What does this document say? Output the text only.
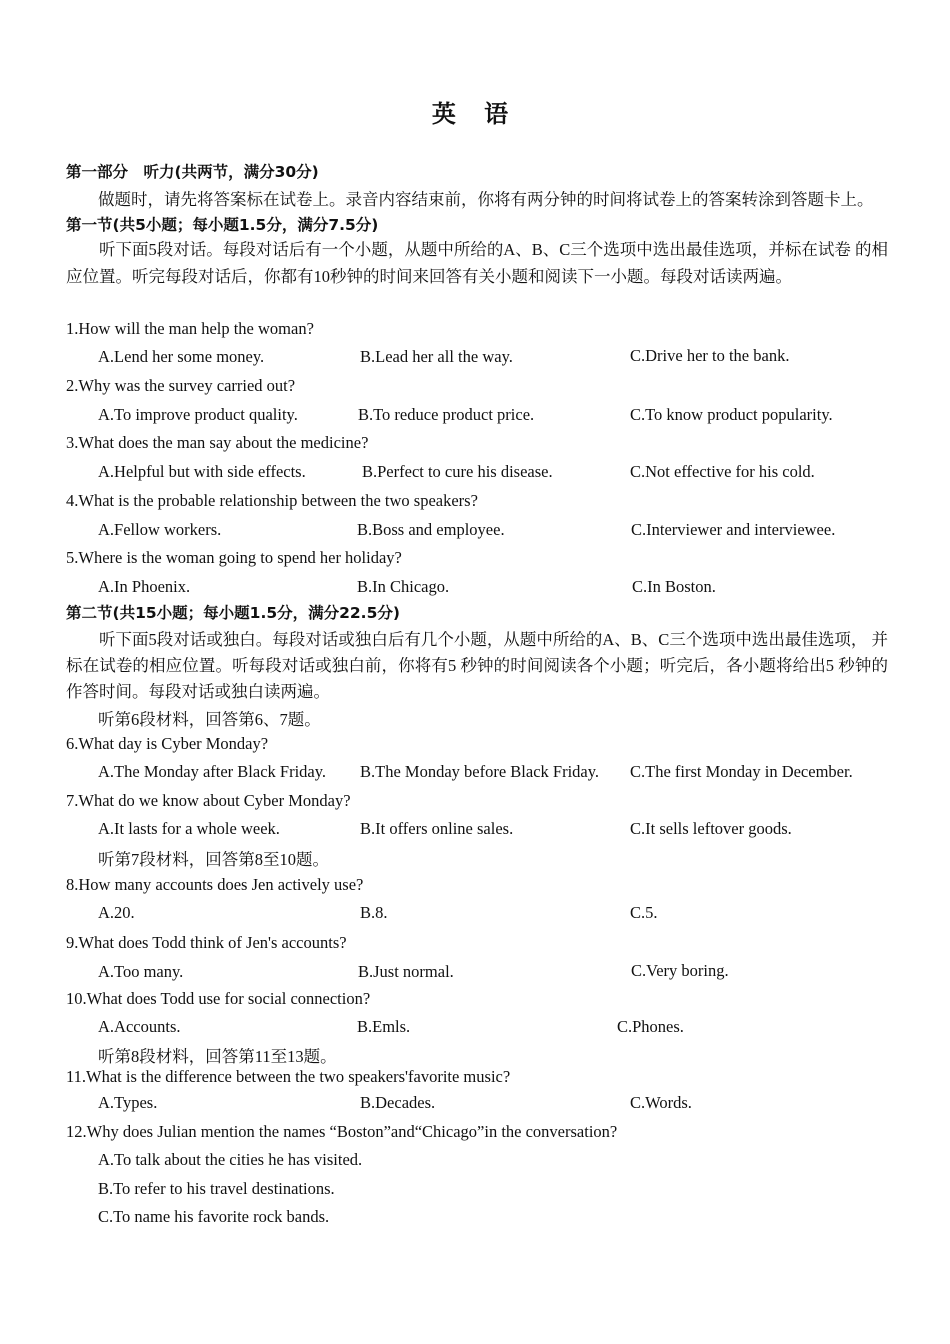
英 语
第一部分　听力(共两节，满分30分)
做题时，请先将答案标在试卷上。录音内容结束前，你将有两分钟的时间将试卷上的答案转涂到答题卡上。
第一节(共5小题；每小题1.5分，满分7.5分)
听下面5段对话。每段对话后有一个小题，从题中所给的A、B、C三个选项中选出最佳选项，并标在试卷 的相应位置。听完每段对话后，你都有10秒钟的时间来回答有关小题和阅读下一小题。每段对话读两遍。
1.How will the man help the woman?
A.Lend her some money.	B.Lead her all the way.	C.Drive her to the bank.
2.Why was the survey carried out?
A.To improve product quality.	B.To reduce product price.	C.To know product popularity.
3.What does the man say about the medicine?
A.Helpful but with side effects.	B.Perfect to cure his disease.	C.Not effective for his cold.
4.What is the probable relationship between the two speakers?
A.Fellow workers.	B.Boss and employee.	C.Interviewer and interviewee.
5.Where is the woman going to spend her holiday?
A.In Phoenix.	B.In Chicago.	C.In Boston.
第二节(共15小题；每小题1.5分，满分22.5分)
听下面5段对话或独白。每段对话或独白后有几个小题，从题中所给的A、B、C三个选项中选出最佳选项， 并标在试卷的相应位置。听每段对话或独白前，你将有5 秒钟的时间阅读各个小题；听完后，各小题将给出5 秒钟的作答时间。每段对话或独白读两遍。
听第6段材料，回答第6、7题。
6.What day is Cyber Monday?
A.The Monday after Black Friday. B.The Monday before Black Friday. C.The first Monday in December.
7.What do we know about Cyber Monday?
A.It lasts for a whole week.	B.It offers online sales.	C.It sells leftover goods.
听第7段材料，回答第8至10题。
8.How many accounts does Jen actively use?
A.20.	B.8.	C.5.
9.What does Todd think of Jen's accounts?
A.Too many.	B.Just normal.	C.Very boring.
10.What does Todd use for social connection?
A.Accounts.	B.Emls.	C.Phones.
听第8段材料，回答第11至13题。
11.What is the difference between the two speakers'favorite music?
A.Types.	B.Decades.	C.Words.
12.Why does Julian mention the names “Boston”and“Chicago”in the conversation?
A.To talk about the cities he has visited.
B.To refer to his travel destinations.
C.To name his favorite rock bands.
